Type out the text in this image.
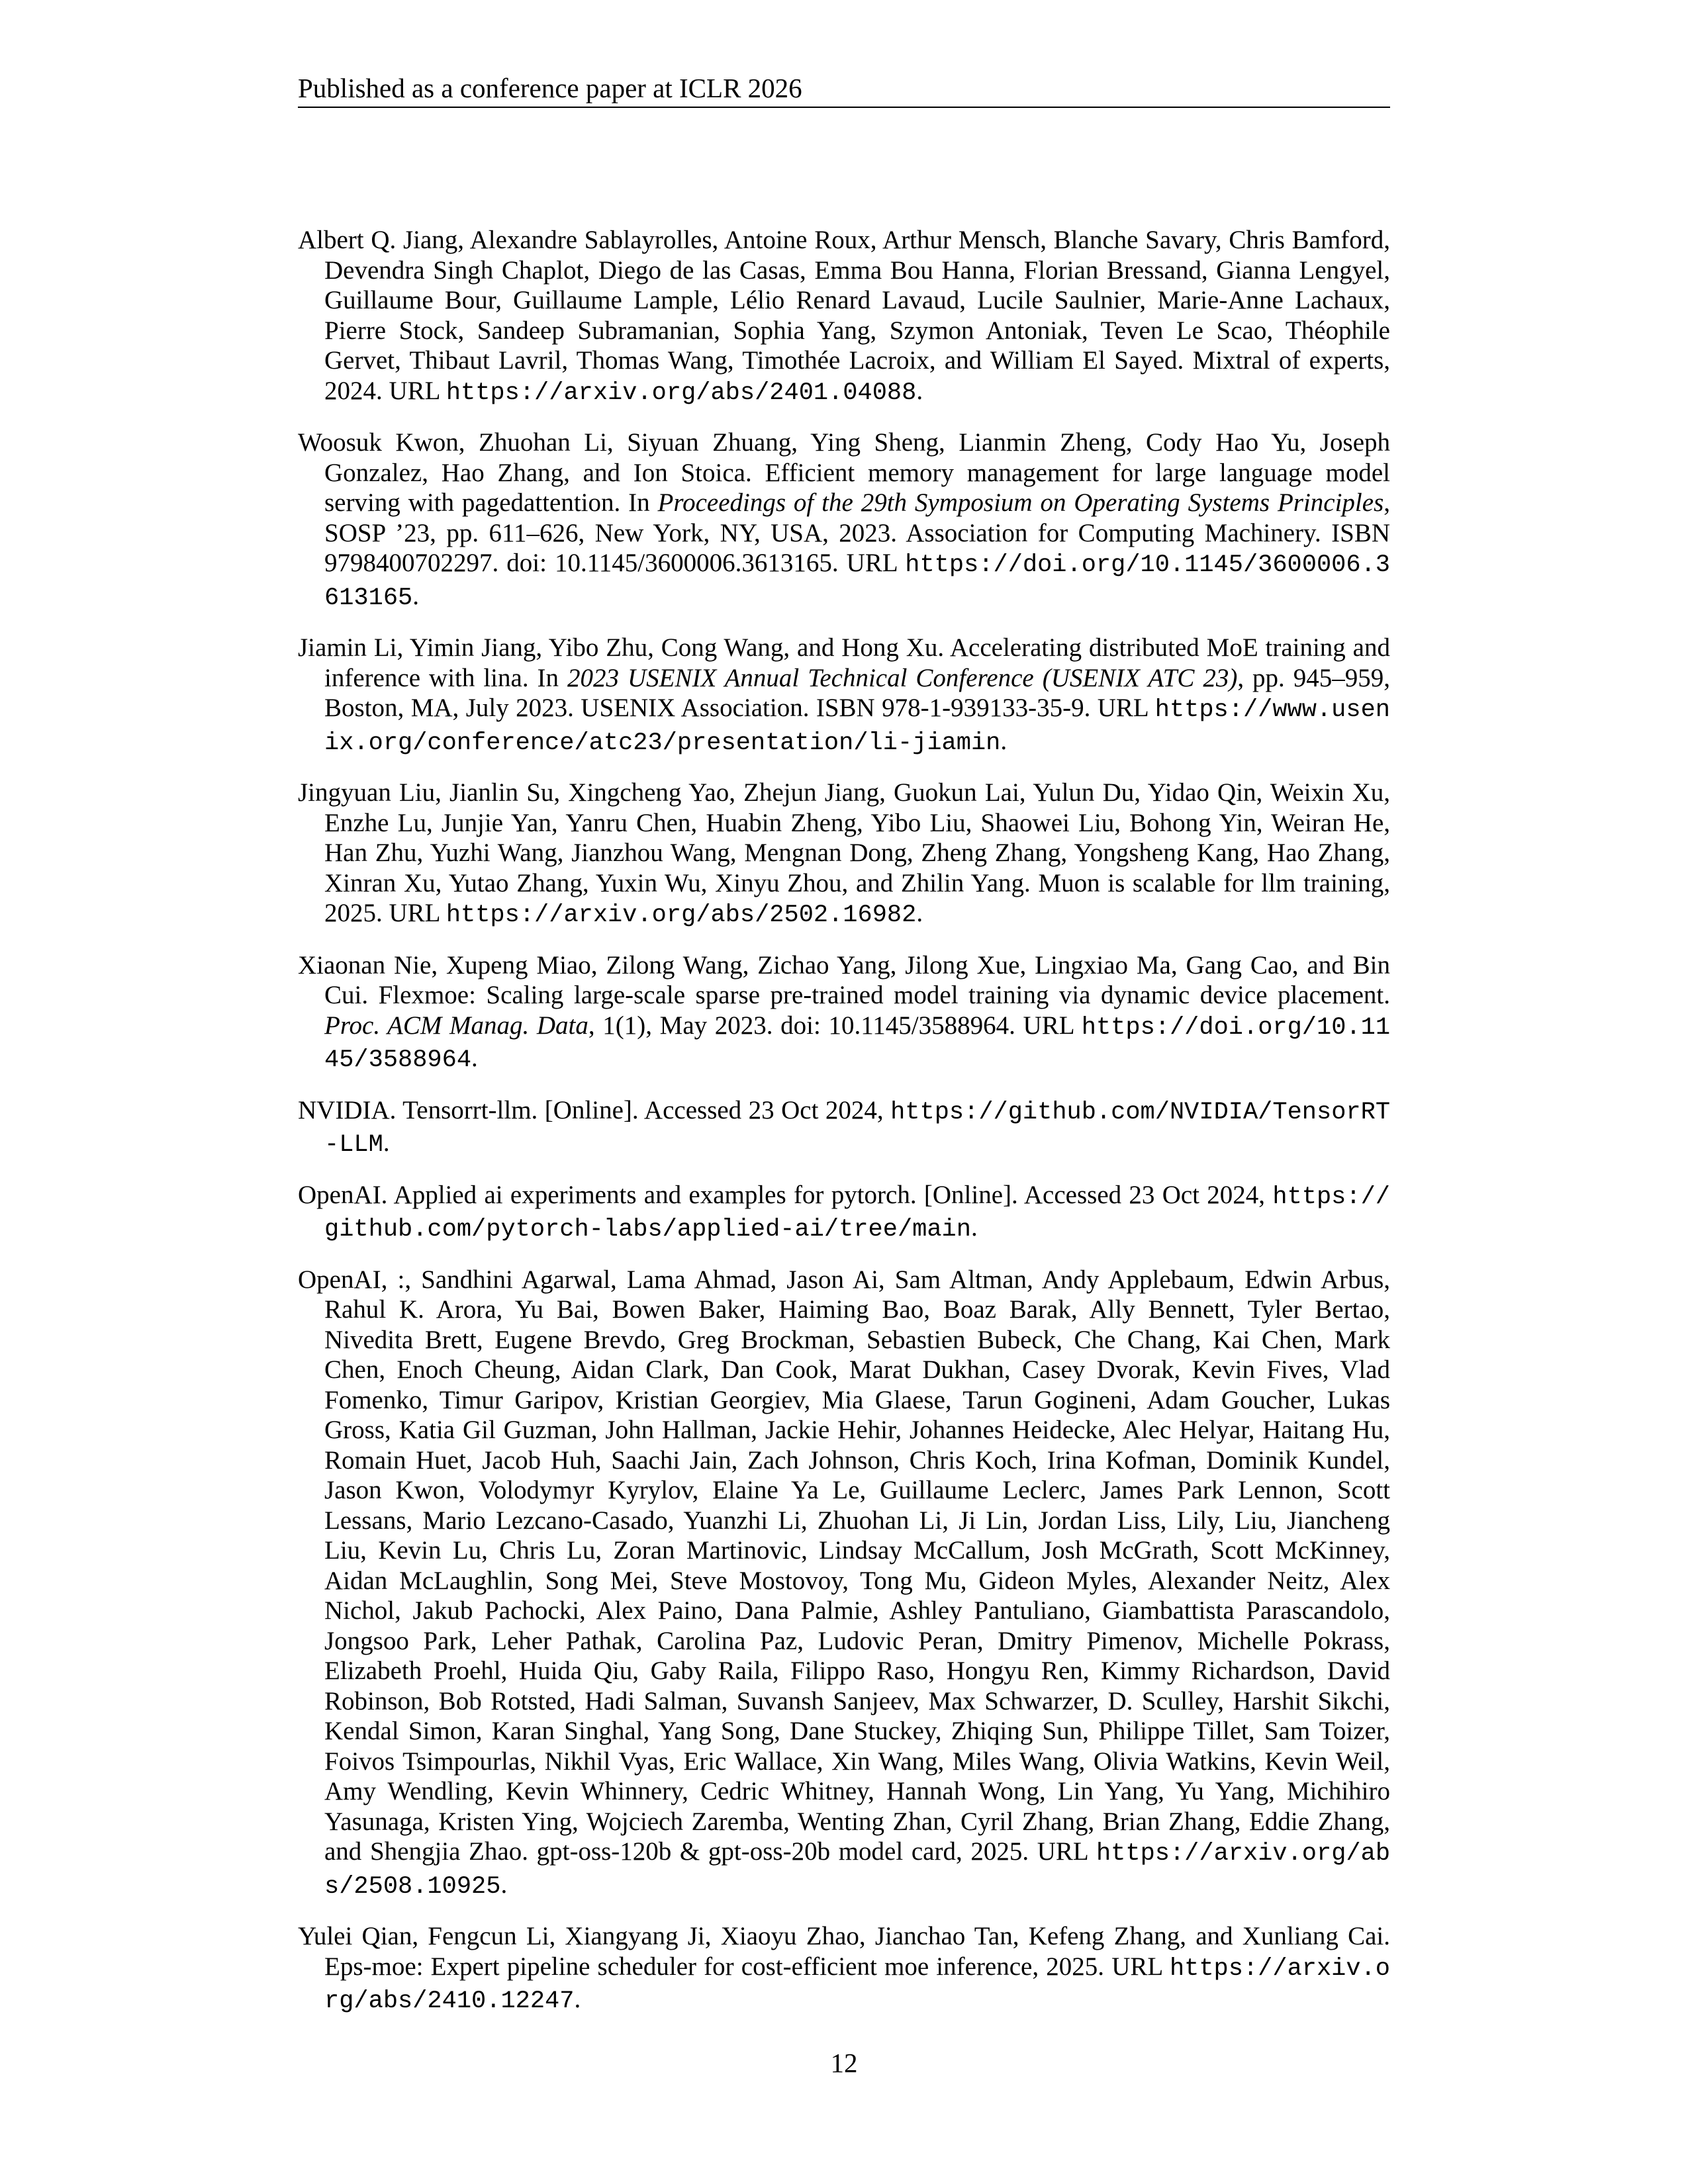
Published as a conference paper at ICLR 2026

Albert Q. Jiang, Alexandre Sablayrolles, Antoine Roux, Arthur Mensch, Blanche Savary, Chris Bamford, Devendra Singh Chaplot, Diego de las Casas, Emma Bou Hanna, Florian Bressand, Gianna Lengyel, Guillaume Bour, Guillaume Lample, Lélio Renard Lavaud, Lucile Saulnier, Marie-Anne Lachaux, Pierre Stock, Sandeep Subramanian, Sophia Yang, Szymon Antoniak, Teven Le Scao, Théophile Gervet, Thibaut Lavril, Thomas Wang, Timothée Lacroix, and William El Sayed. Mixtral of experts, 2024. URL https://arxiv.org/abs/2401.04088.

Woosuk Kwon, Zhuohan Li, Siyuan Zhuang, Ying Sheng, Lianmin Zheng, Cody Hao Yu, Joseph Gonzalez, Hao Zhang, and Ion Stoica. Efficient memory management for large language model serving with pagedattention. In Proceedings of the 29th Symposium on Operating Systems Principles, SOSP ’23, pp. 611–626, New York, NY, USA, 2023. Association for Computing Machinery. ISBN 9798400702297. doi: 10.1145/3600006.3613165. URL https://doi.org/10.1145/3600006.3613165.

Jiamin Li, Yimin Jiang, Yibo Zhu, Cong Wang, and Hong Xu. Accelerating distributed MoE training and inference with lina. In 2023 USENIX Annual Technical Conference (USENIX ATC 23), pp. 945–959, Boston, MA, July 2023. USENIX Association. ISBN 978-1-939133-35-9. URL https://www.usenix.org/conference/atc23/presentation/li-jiamin.

Jingyuan Liu, Jianlin Su, Xingcheng Yao, Zhejun Jiang, Guokun Lai, Yulun Du, Yidao Qin, Weixin Xu, Enzhe Lu, Junjie Yan, Yanru Chen, Huabin Zheng, Yibo Liu, Shaowei Liu, Bohong Yin, Weiran He, Han Zhu, Yuzhi Wang, Jianzhou Wang, Mengnan Dong, Zheng Zhang, Yongsheng Kang, Hao Zhang, Xinran Xu, Yutao Zhang, Yuxin Wu, Xinyu Zhou, and Zhilin Yang. Muon is scalable for llm training, 2025. URL https://arxiv.org/abs/2502.16982.

Xiaonan Nie, Xupeng Miao, Zilong Wang, Zichao Yang, Jilong Xue, Lingxiao Ma, Gang Cao, and Bin Cui. Flexmoe: Scaling large-scale sparse pre-trained model training via dynamic device placement. Proc. ACM Manag. Data, 1(1), May 2023. doi: 10.1145/3588964. URL https://doi.org/10.1145/3588964.

NVIDIA. Tensorrt-llm. [Online]. Accessed 23 Oct 2024, https://github.com/NVIDIA/TensorRT-LLM.

OpenAI. Applied ai experiments and examples for pytorch. [Online]. Accessed 23 Oct 2024, https://github.com/pytorch-labs/applied-ai/tree/main.

OpenAI, :, Sandhini Agarwal, Lama Ahmad, Jason Ai, Sam Altman, Andy Applebaum, Edwin Arbus, Rahul K. Arora, Yu Bai, Bowen Baker, Haiming Bao, Boaz Barak, Ally Bennett, Tyler Bertao, Nivedita Brett, Eugene Brevdo, Greg Brockman, Sebastien Bubeck, Che Chang, Kai Chen, Mark Chen, Enoch Cheung, Aidan Clark, Dan Cook, Marat Dukhan, Casey Dvorak, Kevin Fives, Vlad Fomenko, Timur Garipov, Kristian Georgiev, Mia Glaese, Tarun Gogineni, Adam Goucher, Lukas Gross, Katia Gil Guzman, John Hallman, Jackie Hehir, Johannes Heidecke, Alec Helyar, Haitang Hu, Romain Huet, Jacob Huh, Saachi Jain, Zach Johnson, Chris Koch, Irina Kofman, Dominik Kundel, Jason Kwon, Volodymyr Kyrylov, Elaine Ya Le, Guillaume Leclerc, James Park Lennon, Scott Lessans, Mario Lezcano-Casado, Yuanzhi Li, Zhuohan Li, Ji Lin, Jordan Liss, Lily, Liu, Jiancheng Liu, Kevin Lu, Chris Lu, Zoran Martinovic, Lindsay McCallum, Josh McGrath, Scott McKinney, Aidan McLaughlin, Song Mei, Steve Mostovoy, Tong Mu, Gideon Myles, Alexander Neitz, Alex Nichol, Jakub Pachocki, Alex Paino, Dana Palmie, Ashley Pantuliano, Giambattista Parascandolo, Jongsoo Park, Leher Pathak, Carolina Paz, Ludovic Peran, Dmitry Pimenov, Michelle Pokrass, Elizabeth Proehl, Huida Qiu, Gaby Raila, Filippo Raso, Hongyu Ren, Kimmy Richardson, David Robinson, Bob Rotsted, Hadi Salman, Suvansh Sanjeev, Max Schwarzer, D. Sculley, Harshit Sikchi, Kendal Simon, Karan Singhal, Yang Song, Dane Stuckey, Zhiqing Sun, Philippe Tillet, Sam Toizer, Foivos Tsimpourlas, Nikhil Vyas, Eric Wallace, Xin Wang, Miles Wang, Olivia Watkins, Kevin Weil, Amy Wendling, Kevin Whinnery, Cedric Whitney, Hannah Wong, Lin Yang, Yu Yang, Michihiro Yasunaga, Kristen Ying, Wojciech Zaremba, Wenting Zhan, Cyril Zhang, Brian Zhang, Eddie Zhang, and Shengjia Zhao. gpt-oss-120b & gpt-oss-20b model card, 2025. URL https://arxiv.org/abs/2508.10925.

Yulei Qian, Fengcun Li, Xiangyang Ji, Xiaoyu Zhao, Jianchao Tan, Kefeng Zhang, and Xunliang Cai. Eps-moe: Expert pipeline scheduler for cost-efficient moe inference, 2025. URL https://arxiv.org/abs/2410.12247.

12
